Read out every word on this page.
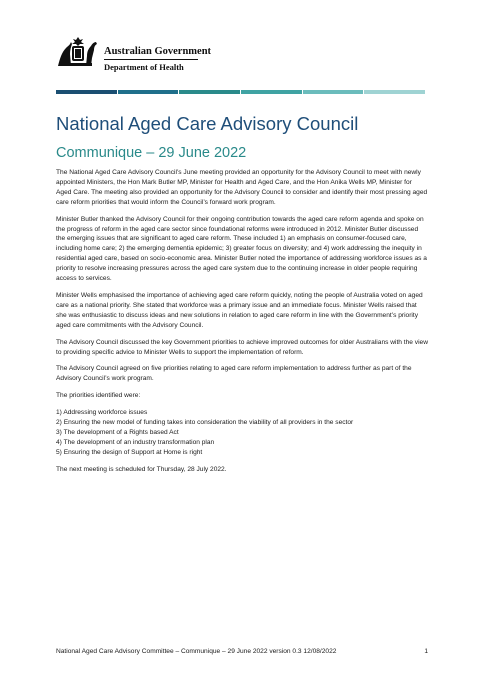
Australian Government
Department of Health
National Aged Care Advisory Council
Communique – 29 June 2022

The National Aged Care Advisory Council’s June meeting provided an opportunity for the Advisory Council to meet with newly appointed Ministers, the Hon Mark Butler MP, Minister for Health and Aged Care, and the Hon Anika Wells MP, Minister for Aged Care. The meeting also provided an opportunity for the Advisory Council to consider and identify their most pressing aged care reform priorities that would inform the Council’s forward work program.

Minister Butler thanked the Advisory Council for their ongoing contribution towards the aged care reform agenda and spoke on the progress of reform in the aged care sector since foundational reforms were introduced in 2012. Minister Butler discussed the emerging issues that are significant to aged care reform. These included 1) an emphasis on consumer-focused care, including home care; 2) the emerging dementia epidemic; 3) greater focus on diversity; and 4) work addressing the inequity in residential aged care, based on socio-economic area. Minister Butler noted the importance of addressing workforce issues as a priority to resolve increasing pressures across the aged care system due to the continuing increase in older people requiring access to services.

Minister Wells emphasised the importance of achieving aged care reform quickly, noting the people of Australia voted on aged care as a national priority. She stated that workforce was a primary issue and an immediate focus. Minister Wells raised that she was enthusiastic to discuss ideas and new solutions in relation to aged care reform in line with the Government’s priority aged care commitments with the Advisory Council.

The Advisory Council discussed the key Government priorities to achieve improved outcomes for older Australians with the view to providing specific advice to Minister Wells to support the implementation of reform.

The Advisory Council agreed on five priorities relating to aged care reform implementation to address further as part of the Advisory Council’s work program.

The priorities identified were:

1) Addressing workforce issues
2) Ensuring the new model of funding takes into consideration the viability of all providers in the sector
3) The development of a Rights based Act
4) The development of an industry transformation plan
5) Ensuring the design of Support at Home is right

The next meeting is scheduled for Thursday, 28 July 2022.

National Aged Care Advisory Committee – Communique – 29 June 2022 version 0.3 12/08/2022	1
